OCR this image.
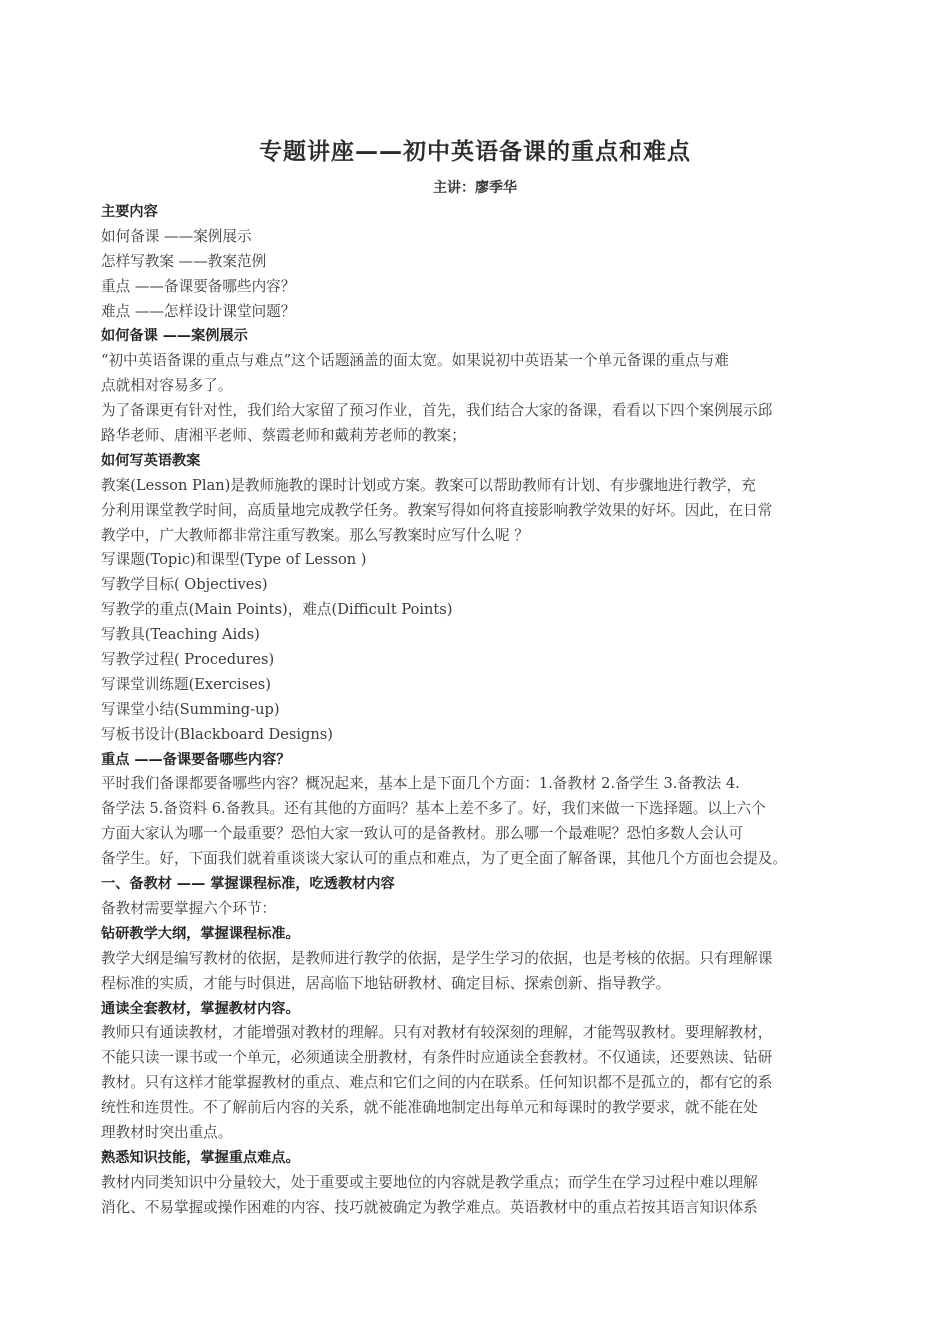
专题讲座——初中英语备课的重点和难点
主讲：廖季华
主要内容
如何备课 ——案例展示
怎样写教案 ——教案范例
重点 ——备课要备哪些内容？
难点 ——怎样设计课堂问题？
如何备课 ——案例展示
“初中英语备课的重点与难点”这个话题涵盖的面太宽。如果说初中英语某一个单元备课的重点与难
点就相对容易多了。
为了备课更有针对性，我们给大家留了预习作业，首先，我们结合大家的备课，看看以下四个案例展示邱
路华老师、唐湘平老师、蔡霞老师和戴莉芳老师的教案；
如何写英语教案
教案(Lesson Plan)是教师施教的课时计划或方案。教案可以帮助教师有计划、有步骤地进行教学，充
分利用课堂教学时间，高质量地完成教学任务。教案写得如何将直接影响教学效果的好坏。因此，在日常
教学中，广大教师都非常注重写教案。那么写教案时应写什么呢 ？
写课题(Topic)和课型(Type of Lesson )
写教学目标( Objectives)
写教学的重点(Main Points)，难点(Difficult Points)
写教具(Teaching Aids)
写教学过程( Procedures)
写课堂训练题(Exercises)
写课堂小结(Summing-up)
写板书设计(Blackboard Designs)
重点 ——备课要备哪些内容？
平时我们备课都要备哪些内容？概况起来，基本上是下面几个方面：1.备教材 2.备学生 3.备教法 4.
备学法 5.备资料 6.备教具。还有其他的方面吗？基本上差不多了。好，我们来做一下选择题。以上六个
方面大家认为哪一个最重要？恐怕大家一致认可的是备教材。那么哪一个最难呢？恐怕多数人会认可
备学生。好，下面我们就着重谈谈大家认可的重点和难点，为了更全面了解备课，其他几个方面也会提及。
一、备教材 —— 掌握课程标准，吃透教材内容
备教材需要掌握六个环节：
钻研教学大纲，掌握课程标准。
教学大纲是编写教材的依据，是教师进行教学的依据，是学生学习的依据，也是考核的依据。只有理解课
程标准的实质，才能与时俱进，居高临下地钻研教材、确定目标、探索创新、指导教学。
通读全套教材，掌握教材内容。
教师只有通读教材，才能增强对教材的理解。只有对教材有较深刻的理解，才能驾驭教材。要理解教材，
不能只读一课书或一个单元，必须通读全册教材，有条件时应通读全套教材。不仅通读，还要熟读、钻研
教材。只有这样才能掌握教材的重点、难点和它们之间的内在联系。任何知识都不是孤立的，都有它的系
统性和连贯性。不了解前后内容的关系，就不能准确地制定出每单元和每课时的教学要求，就不能在处
理教材时突出重点。
熟悉知识技能，掌握重点难点。
教材内同类知识中分量较大，处于重要或主要地位的内容就是教学重点；而学生在学习过程中难以理解
消化、不易掌握或操作困难的内容、技巧就被确定为教学难点。英语教材中的重点若按其语言知识体系
